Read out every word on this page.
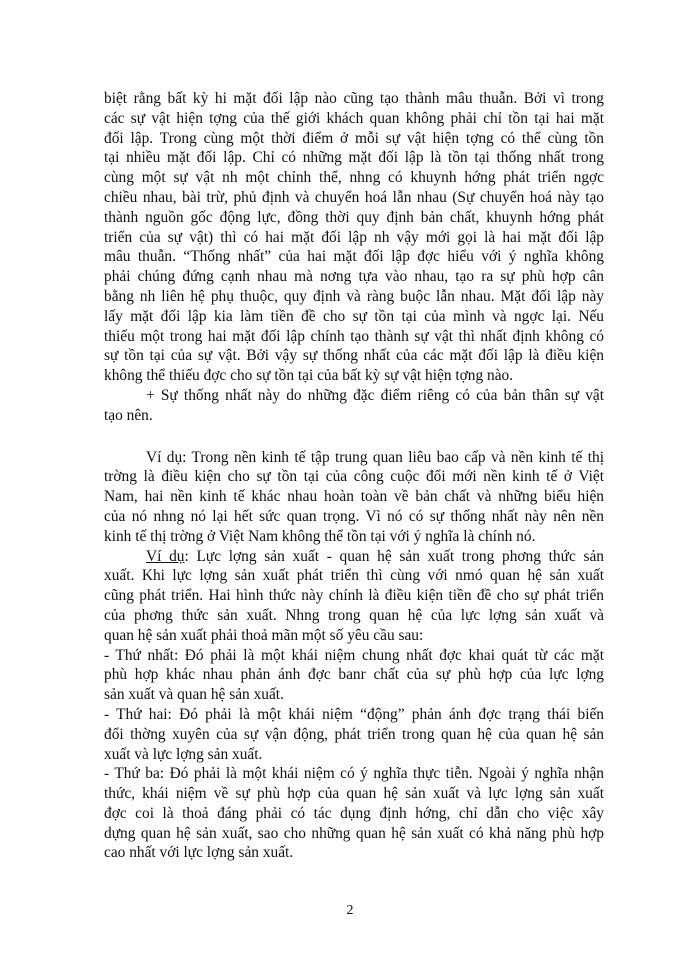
biệt rằng bất kỳ hi mặt đối lập nào cũng tạo thành mâu thuẫn. Bởi vì trong
các sự vật hiện tợng của thế giới khách quan không phải chỉ tồn tại hai mặt
đối lập. Trong cùng một thời điểm ở mỗi sự vật hiện tợng có thể cùng tồn
tại nhiều mặt đối lập. Chỉ có những mặt đối lập là tồn tại thống nhất trong
cùng một sự vật nh một chỉnh thể, nhng có khuynh hớng phát triển ngợc
chiều nhau, bài trừ, phủ định và chuyển hoá lẫn nhau (Sự chuyển hoá này tạo
thành nguồn gốc động lực, đồng thời quy định bản chất, khuynh hớng phát
triển của sự vật) thì có hai mặt đối lập nh vậy mới gọi là hai mặt đối lập
mâu thuẫn. “Thống nhất” của hai mặt đối lập đợc hiểu với ý nghĩa không
phải chúng đứng cạnh nhau mà nơng tựa vào nhau, tạo ra sự phù hợp cân
bằng nh liên hệ phụ thuộc, quy định và ràng buộc lẫn nhau. Mặt đối lập này
lấy mặt đối lập kia làm tiền đề cho sự tồn tại của mình và ngợc lại. Nếu
thiếu một trong hai mặt đối lập chính tạo thành sự vật thì nhất định không có
sự tồn tại của sự vật. Bởi vậy sự thống nhất của các mặt đối lập là điều kiện
không thể thiếu đợc cho sự tồn tại của bất kỳ sự vật hiện tợng nào.
+ Sự thống nhất này do những đặc điểm riêng có của bản thân sự vật
tạo nên.
Ví dụ: Trong nền kinh tế tập trung quan liêu bao cấp và nền kinh tế thị
trờng là điều kiện cho sự tồn tại của công cuộc đổi mới nền kinh tế ở Việt
Nam, hai nền kinh tế khác nhau hoàn toàn về bản chất và những biểu hiện
của nó nhng nó lại hết sức quan trọng. Vì nó có sự thống nhất này nên nền
kinh tế thị trờng ở Việt Nam không thể tồn tại với ý nghĩa là chính nó.
Ví dụ: Lực lợng sản xuất - quan hệ sản xuất trong phơng thức sản
xuất. Khi lực lợng sản xuất phát triển thì cùng với nmó quan hệ sản xuất
cũng phát triển. Hai hình thức này chính là điều kiện tiền đề cho sự phát triển
của phơng thức sản xuất. Nhng trong quan hệ của lực lợng sản xuất và
quan hệ sản xuất phải thoả mãn một số yêu cầu sau:
- Thứ nhất: Đó phải là một khái niệm chung nhất đợc khai quát từ các mặt
phù hợp khác nhau phản ánh đợc banr chất của sự phù hợp của lực lợng
sản xuất và quan hệ sản xuất.
- Thứ hai: Đó phải là một khái niệm “động” phản ánh đợc trạng thái biến
đổi thờng xuyên của sự vận động, phát triển trong quan hệ của quan hệ sản
xuất và lực lợng sản xuất.
- Thứ ba: Đó phải là một khái niệm có ý nghĩa thực tiễn. Ngoài ý nghĩa nhận
thức, khái niệm về sự phù hợp của quan hệ sản xuất và lực lợng sản xuất
đợc coi là thoả đáng phải có tác dụng định hớng, chỉ dẫn cho việc xây
dựng quan hệ sản xuất, sao cho những quan hệ sản xuất có khả năng phù hợp
cao nhất với lực lợng sản xuất.
2
